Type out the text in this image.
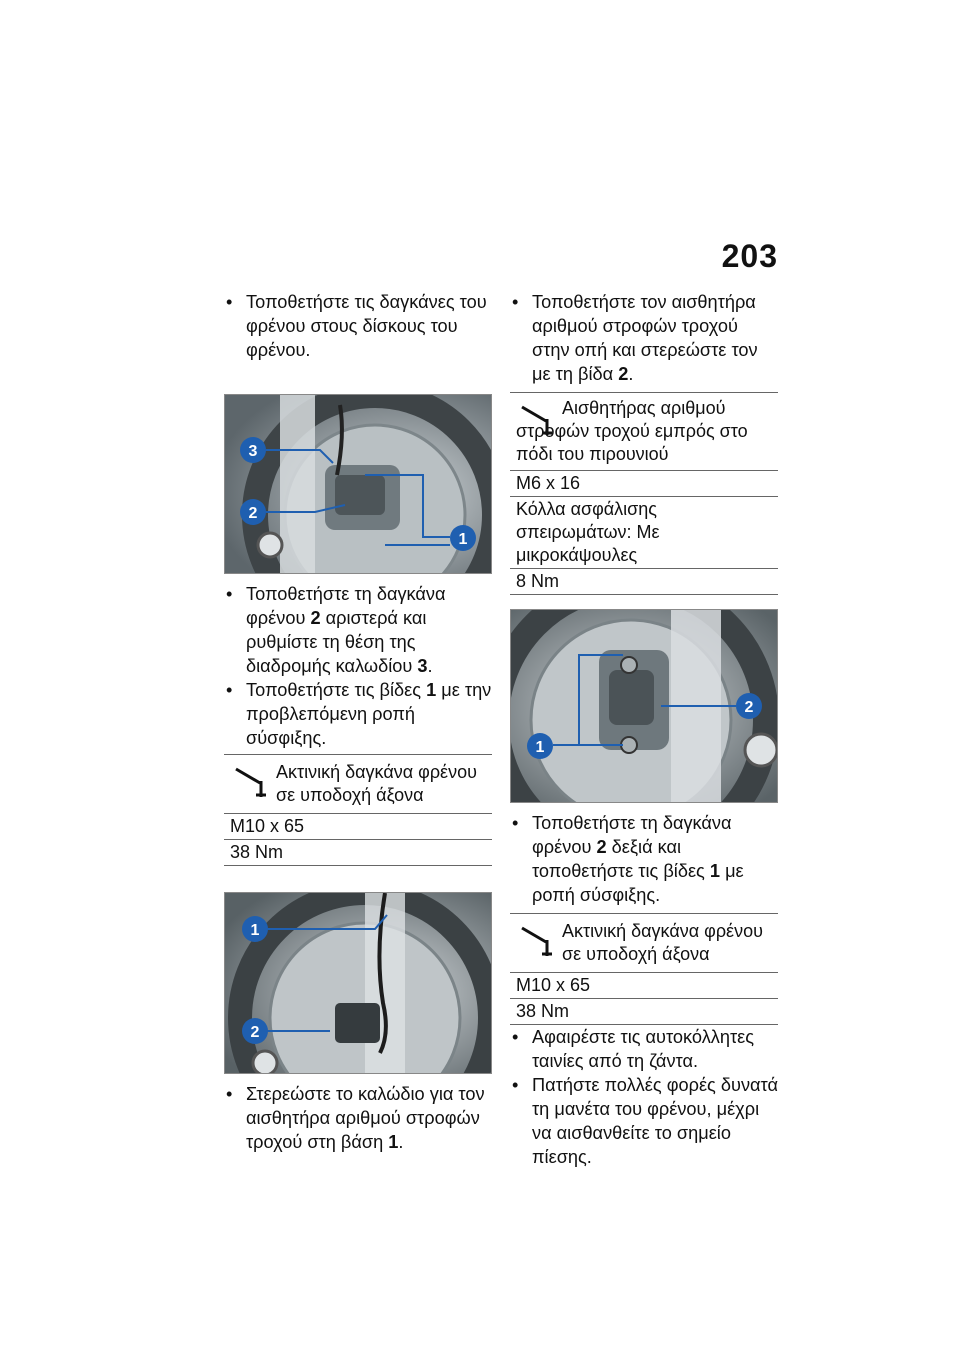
203

• Τοποθετήστε τις δαγκάνες του φρένου στους δίσκους του φρένου.

3
2
1

• Τοποθετήστε τη δαγκάνα φρένου 2 αριστερά και ρυθμίστε τη θέση της διαδρομής καλωδίου 3.

• Τοποθετήστε τις βίδες 1 με την προβλεπόμενη ροπή σύσφιξης.

Ακτινική δαγκάνα φρένου σε υποδοχή άξονα
M10 x 65
38 Nm
1
2

• Στερεώστε το καλώδιο για τον αισθητήρα αριθμού στροφών τροχού στη βάση 1.

• Τοποθετήστε τον αισθητήρα αριθμού στροφών τροχού στην οπή και στερεώστε τον με τη βίδα 2.

Αισθητήρας αριθμού στροφών τροχού εμπρός στο πόδι του πιρουνιού
M6 x 16
Κόλλα ασφάλισης σπειρωμάτων: Με μικροκάψουλες
8 Nm
2
1

• Τοποθετήστε τη δαγκάνα φρένου 2 δεξιά και τοποθετήστε τις βίδες 1 με ροπή σύσφιξης.

Ακτινική δαγκάνα φρένου σε υποδοχή άξονα
M10 x 65
38 Nm

• Αφαιρέστε τις αυτοκόλλητες ταινίες από τη ζάντα.

• Πατήστε πολλές φορές δυνατά τη μανέτα του φρένου, μέχρι να αισθανθείτε το σημείο πίεσης.
